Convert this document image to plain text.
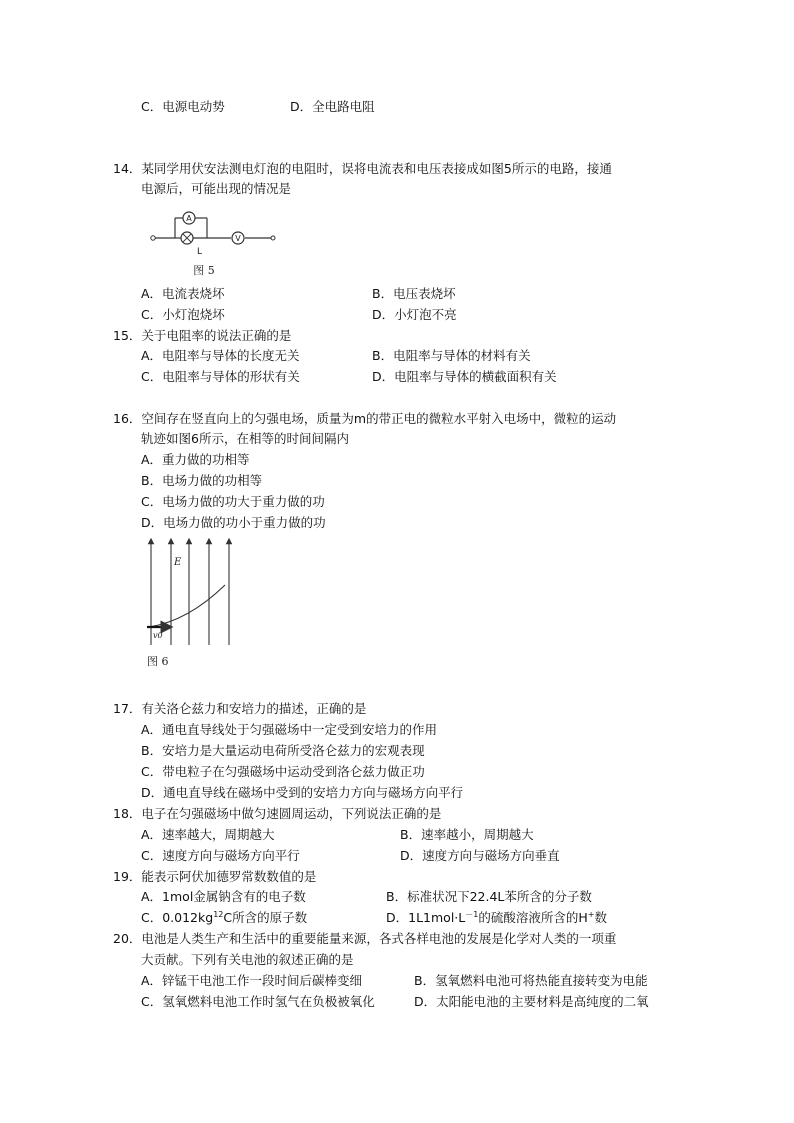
C．电源电动势	D．全电路电阻
14．某同学用伏安法测电灯泡的电阻时，误将电流表和电压表接成如图5所示的电路，接通
电源后，可能出现的情况是
A
L
V
图 5
A．电流表烧坏	B．电压表烧坏
C．小灯泡烧坏	D．小灯泡不亮
15．关于电阻率的说法正确的是
A．电阻率与导体的长度无关	B．电阻率与导体的材料有关
C．电阻率与导体的形状有关	D．电阻率与导体的横截面积有关
16．空间存在竖直向上的匀强电场，质量为m的带正电的微粒水平射入电场中，微粒的运动
轨迹如图6所示，在相等的时间间隔内
A．重力做的功相等
B．电场力做的功相等
C．电场力做的功大于重力做的功
D．电场力做的功小于重力做的功
E
v0
图 6
17．有关洛仑兹力和安培力的描述，正确的是
A．通电直导线处于匀强磁场中一定受到安培力的作用
B．安培力是大量运动电荷所受洛仑兹力的宏观表现
C．带电粒子在匀强磁场中运动受到洛仑兹力做正功
D．通电直导线在磁场中受到的安培力方向与磁场方向平行
18．电子在匀强磁场中做匀速圆周运动，下列说法正确的是
A．速率越大，周期越大	B．速率越小，周期越大
C．速度方向与磁场方向平行	D．速度方向与磁场方向垂直
19．能表示阿伏加德罗常数数值的是
A．1mol金属钠含有的电子数	B．标准状况下22.4L苯所含的分子数
C．$0.012kg^{12}C$所含的原子数	D．$1L1mol\cdot L^{-1}$的硫酸溶液所含的H+数
20．电池是人类生产和生活中的重要能量来源，各式各样电池的发展是化学对人类的一项重
大贡献。下列有关电池的叙述正确的是
A．锌锰干电池工作一段时间后碳棒变细	B．氢氧燃料电池可将热能直接转变为电能
C．氢氧燃料电池工作时氢气在负极被氧化	D．太阳能电池的主要材料是高纯度的二氧
